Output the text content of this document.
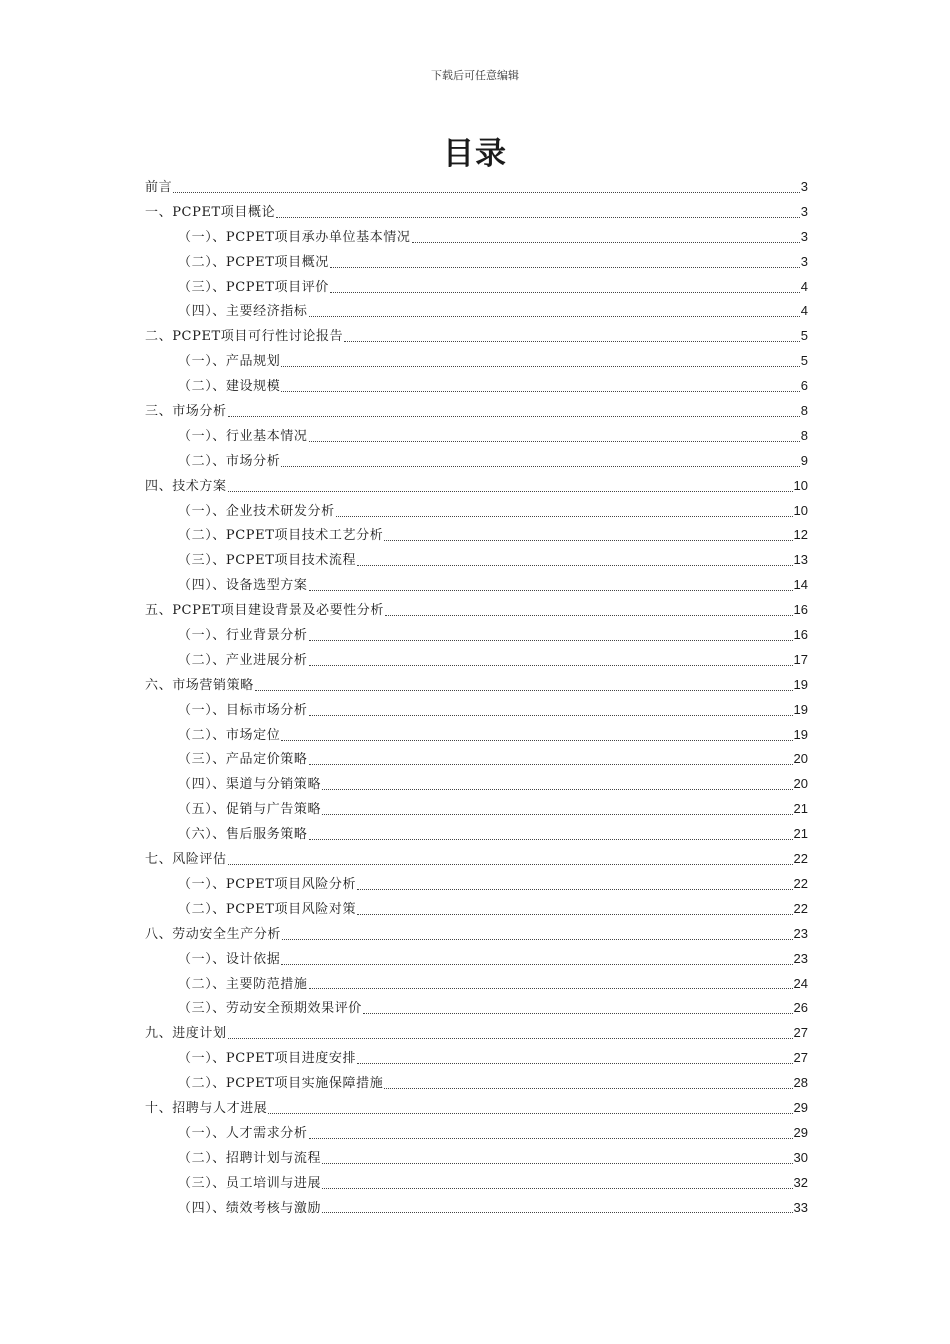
下载后可任意编辑
目录
前言	3
一、PCPET项目概论	3
（一）、PCPET项目承办单位基本情况	3
（二）、PCPET项目概况	3
（三）、PCPET项目评价	4
（四）、主要经济指标	4
二、PCPET项目可行性讨论报告	5
（一）、产品规划	5
（二）、建设规模	6
三、市场分析	8
（一）、行业基本情况	8
（二）、市场分析	9
四、技术方案	10
（一）、企业技术研发分析	10
（二）、PCPET项目技术工艺分析	12
（三）、PCPET项目技术流程	13
（四）、设备选型方案	14
五、PCPET项目建设背景及必要性分析	16
（一）、行业背景分析	16
（二）、产业进展分析	17
六、市场营销策略	19
（一）、目标市场分析	19
（二）、市场定位	19
（三）、产品定价策略	20
（四）、渠道与分销策略	20
（五）、促销与广告策略	21
（六）、售后服务策略	21
七、风险评估	22
（一）、PCPET项目风险分析	22
（二）、PCPET项目风险对策	22
八、劳动安全生产分析	23
（一）、设计依据	23
（二）、主要防范措施	24
（三）、劳动安全预期效果评价	26
九、进度计划	27
（一）、PCPET项目进度安排	27
（二）、PCPET项目实施保障措施	28
十、招聘与人才进展	29
（一）、人才需求分析	29
（二）、招聘计划与流程	30
（三）、员工培训与进展	32
（四）、绩效考核与激励	33
